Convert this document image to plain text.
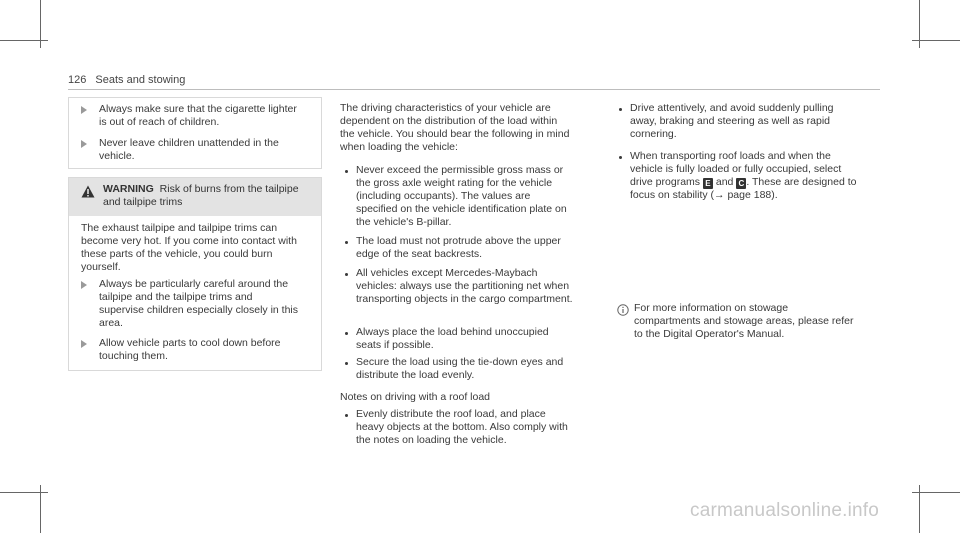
126 Seats and stowing

Always make sure that the cigarette lighter is out of reach of children.

Never leave children unattended in the vehicle.

WARNING Risk of burns from the tailpipe
and tailpipe trims

The exhaust tailpipe and tailpipe trims can become very hot. If you come into contact with these parts of the vehicle, you could burn yourself.

Always be particularly careful around the tailpipe and the tailpipe trims and supervise children especially closely in this area.

Allow vehicle parts to cool down before touching them.

The driving characteristics of your vehicle are dependent on the distribution of the load within the vehicle. You should bear the following in mind when loading the vehicle:

Never exceed the permissible gross mass or the gross axle weight rating for the vehicle (including occupants). The values are specified on the vehicle identification plate on the vehicle's B-pillar.

The load must not protrude above the upper edge of the seat backrests.

All vehicles except Mercedes-Maybach vehicles: always use the partitioning net when transporting objects in the cargo compartment.

Always place the load behind unoccupied seats if possible.

Secure the load using the tie-down eyes and distribute the load evenly.

Notes on driving with a roof load

Evenly distribute the roof load, and place heavy objects at the bottom. Also comply with the notes on loading the vehicle.

Drive attentively, and avoid suddenly pulling away, braking and steering as well as rapid cornering.

When transporting roof loads and when the vehicle is fully loaded or fully occupied, select drive programs E and C . These are designed to focus on stability (→ page 188).

For more information on stowage compartments and stowage areas, please refer to the Digital Operator's Manual.

carmanualsonline.info
